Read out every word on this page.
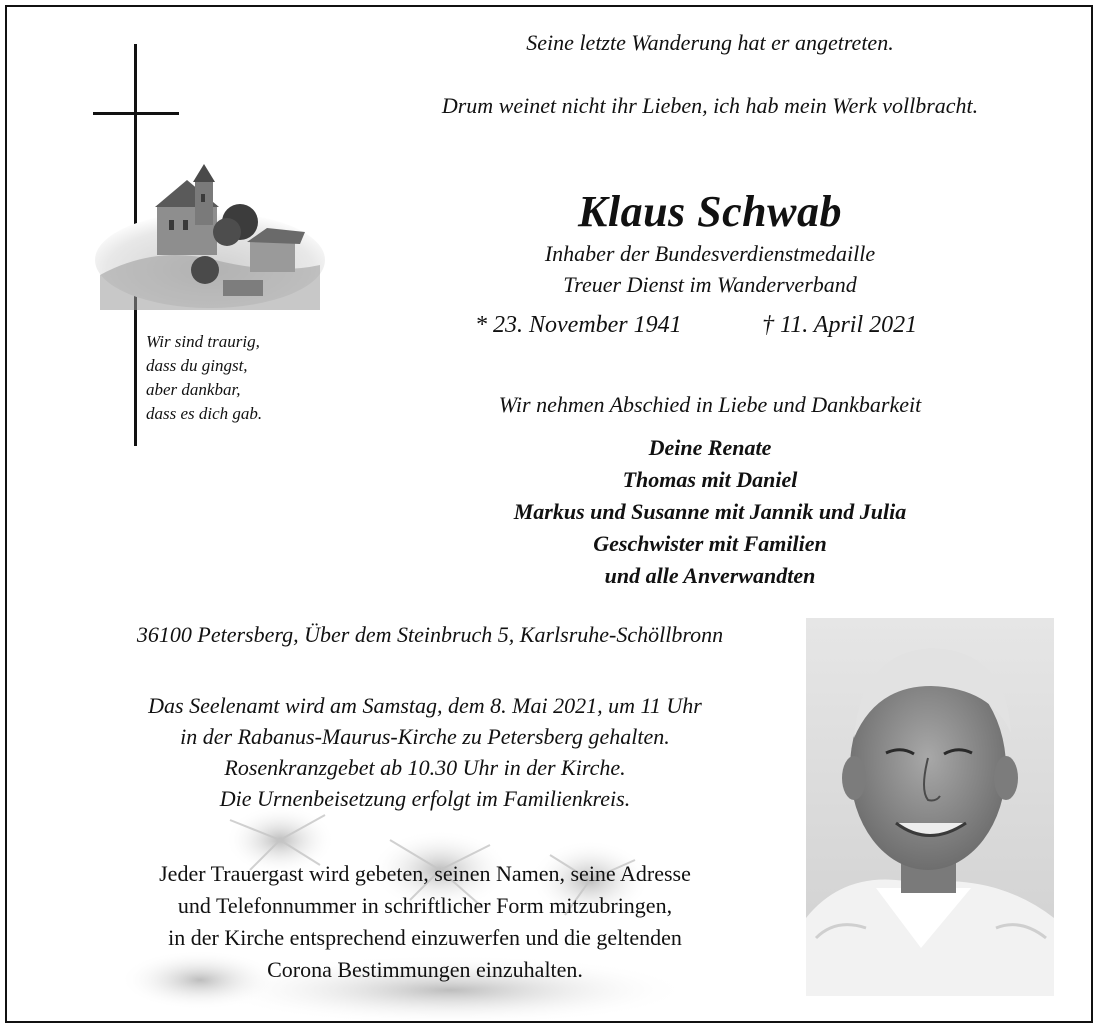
Seine letzte Wanderung hat er angetreten.
Drum weinet nicht ihr Lieben, ich hab mein Werk vollbracht.
Wir sind traurig,
dass du gingst,
aber dankbar,
dass es dich gab.
Klaus Schwab
Inhaber der Bundesverdienstmedaille
Treuer Dienst im Wanderverband
* 23. November 1941	† 11. April 2021
Wir nehmen Abschied in Liebe und Dankbarkeit
Deine Renate
Thomas mit Daniel
Markus und Susanne mit Jannik und Julia
Geschwister mit Familien
und alle Anverwandten
36100 Petersberg, Über dem Steinbruch 5, Karlsruhe-Schöllbronn
Das Seelenamt wird am Samstag, dem 8. Mai 2021, um 11 Uhr
in der Rabanus-Maurus-Kirche zu Petersberg gehalten.
Rosenkranzgebet ab 10.30 Uhr in der Kirche.
Die Urnenbeisetzung erfolgt im Familienkreis.
Jeder Trauergast wird gebeten, seinen Namen, seine Adresse
und Telefonnummer in schriftlicher Form mitzubringen,
in der Kirche entsprechend einzuwerfen und die geltenden
Corona Bestimmungen einzuhalten.
